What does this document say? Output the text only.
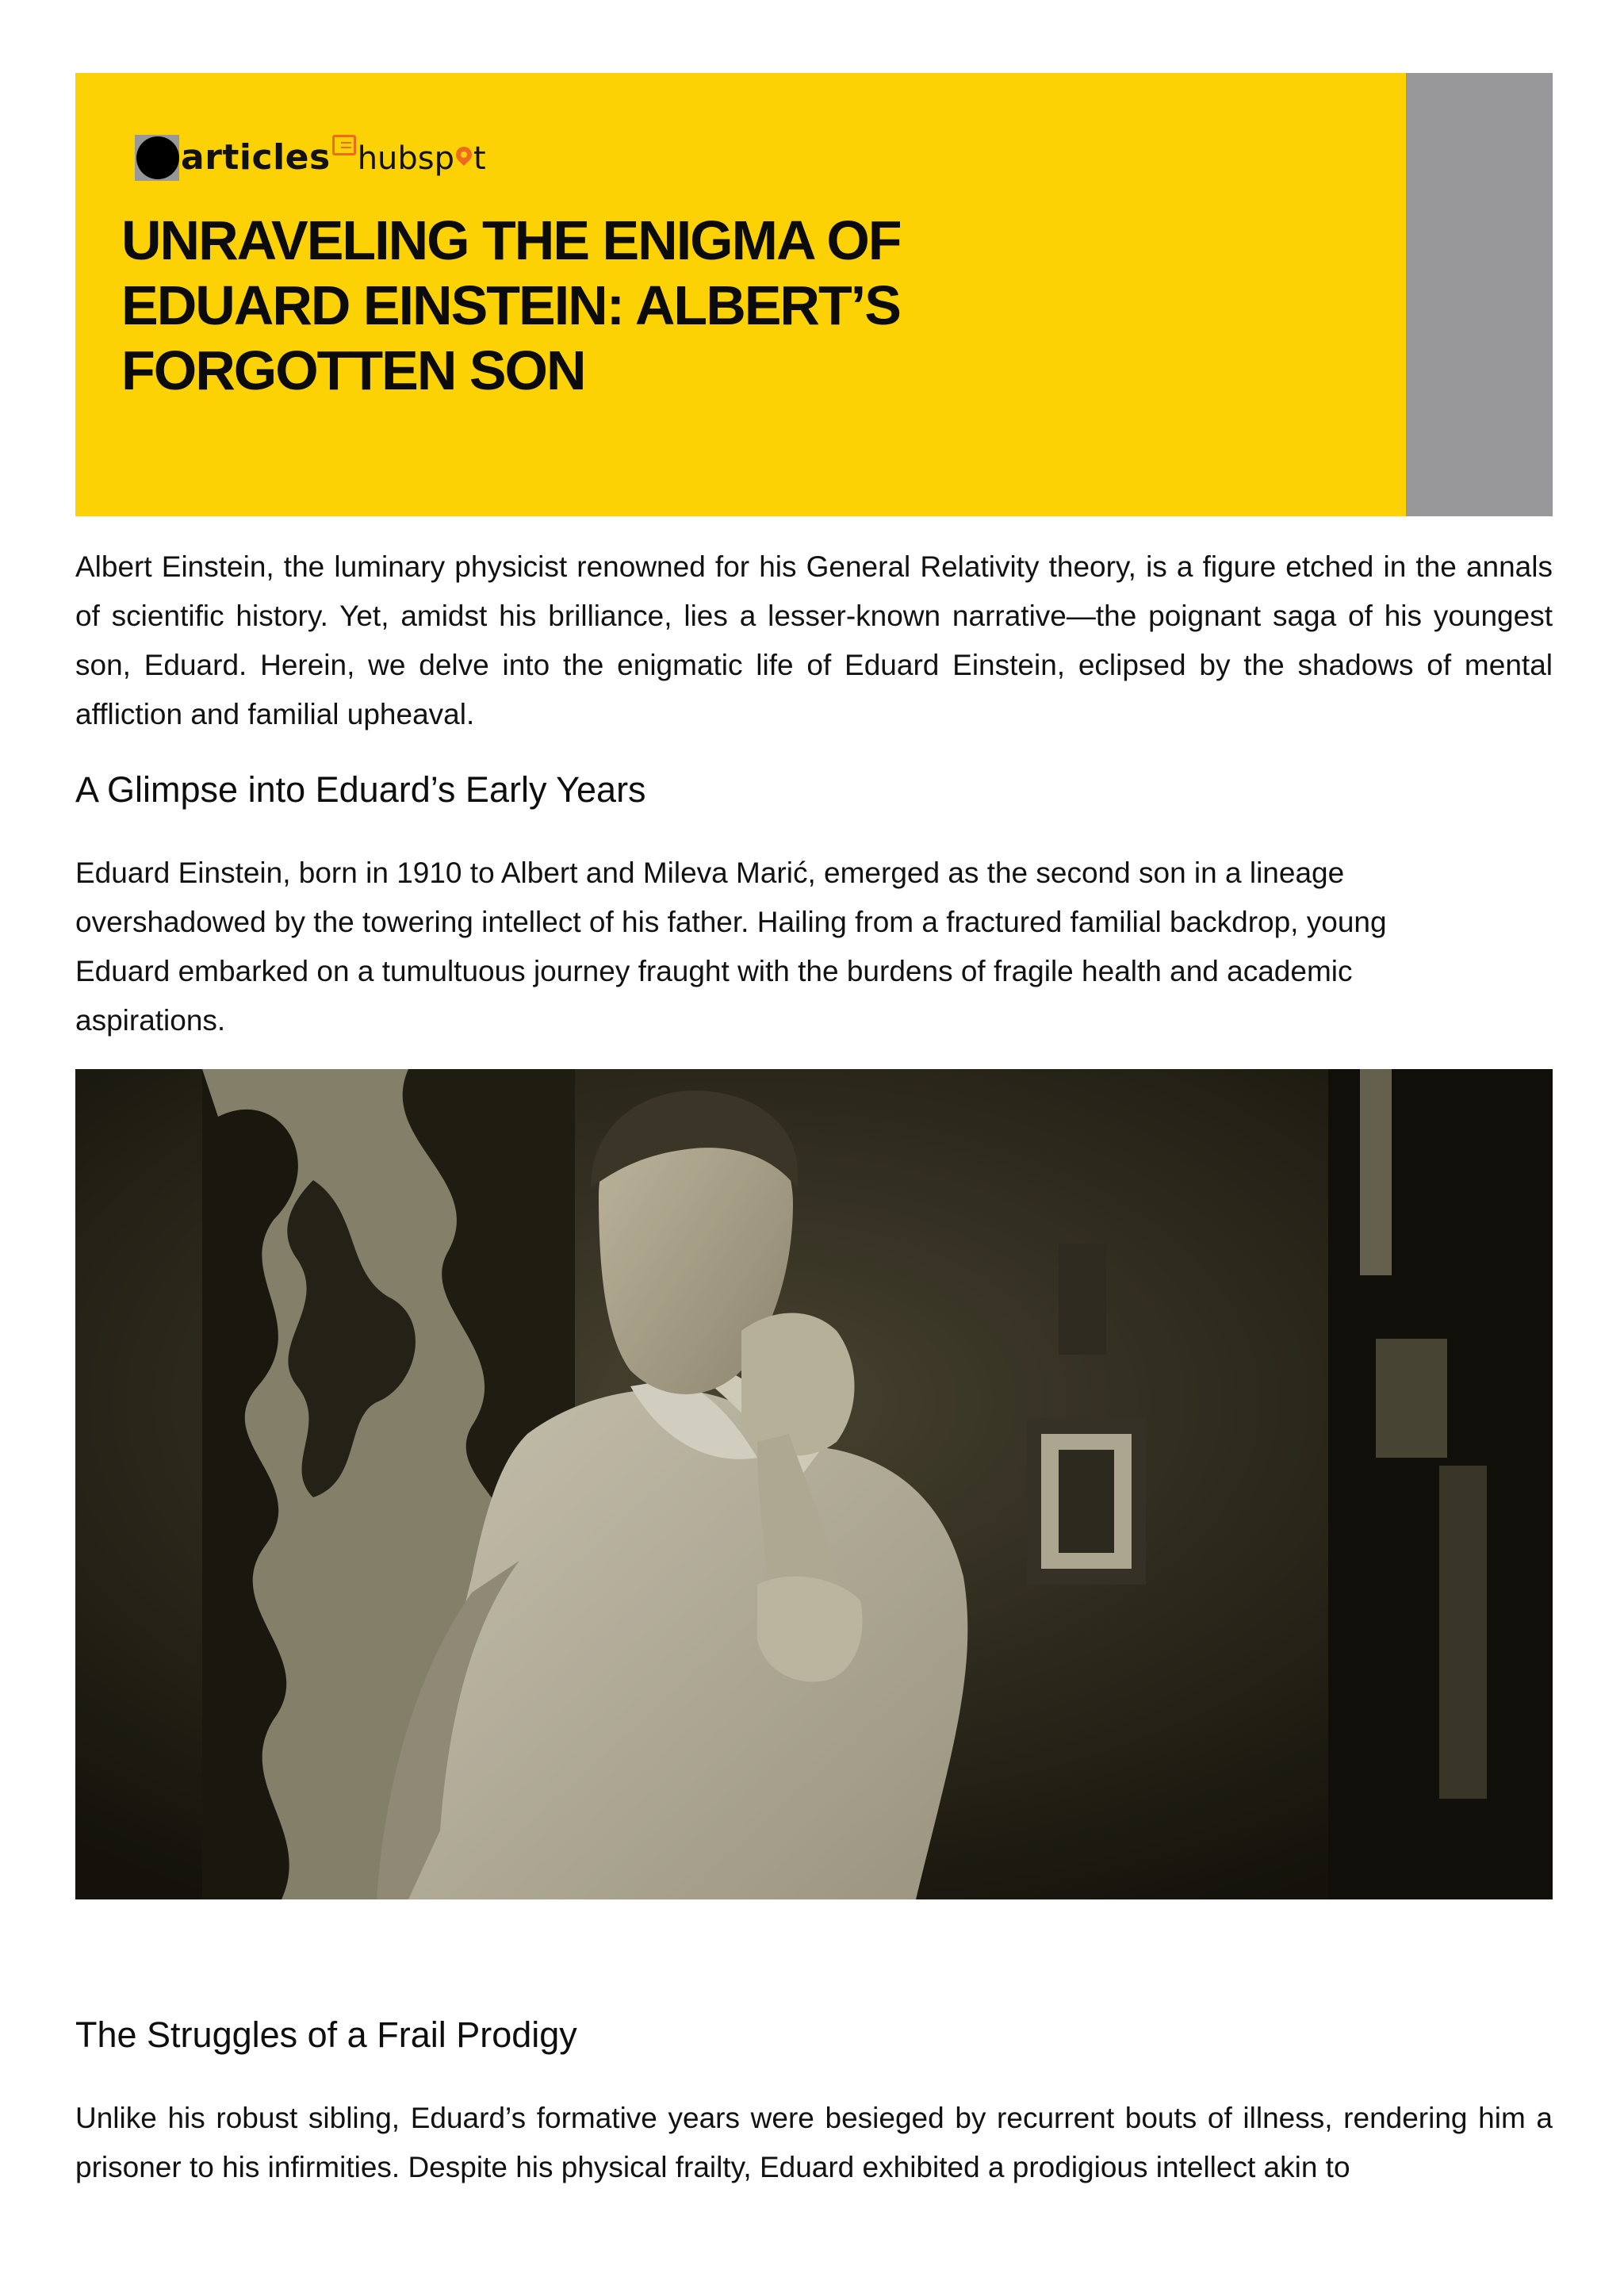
articles hubsp t
UNRAVELING THE ENIGMA OF EDUARD EINSTEIN: ALBERT’S FORGOTTEN SON

Albert Einstein, the luminary physicist renowned for his General Relativity theory, is a figure etched in the annals of scientific history. Yet, amidst his brilliance, lies a lesser-known narrative—the poignant saga of his youngest son, Eduard. Herein, we delve into the enigmatic life of Eduard Einstein, eclipsed by the shadows of mental affliction and familial upheaval.

A Glimpse into Eduard’s Early Years

Eduard Einstein, born in 1910 to Albert and Mileva Marić, emerged as the second son in a lineage overshadowed by the towering intellect of his father. Hailing from a fractured familial backdrop, young Eduard embarked on a tumultuous journey fraught with the burdens of fragile health and academic aspirations.

The Struggles of a Frail Prodigy

Unlike his robust sibling, Eduard’s formative years were besieged by recurrent bouts of illness, rendering him a prisoner to his infirmities. Despite his physical frailty, Eduard exhibited a prodigious intellect akin to
